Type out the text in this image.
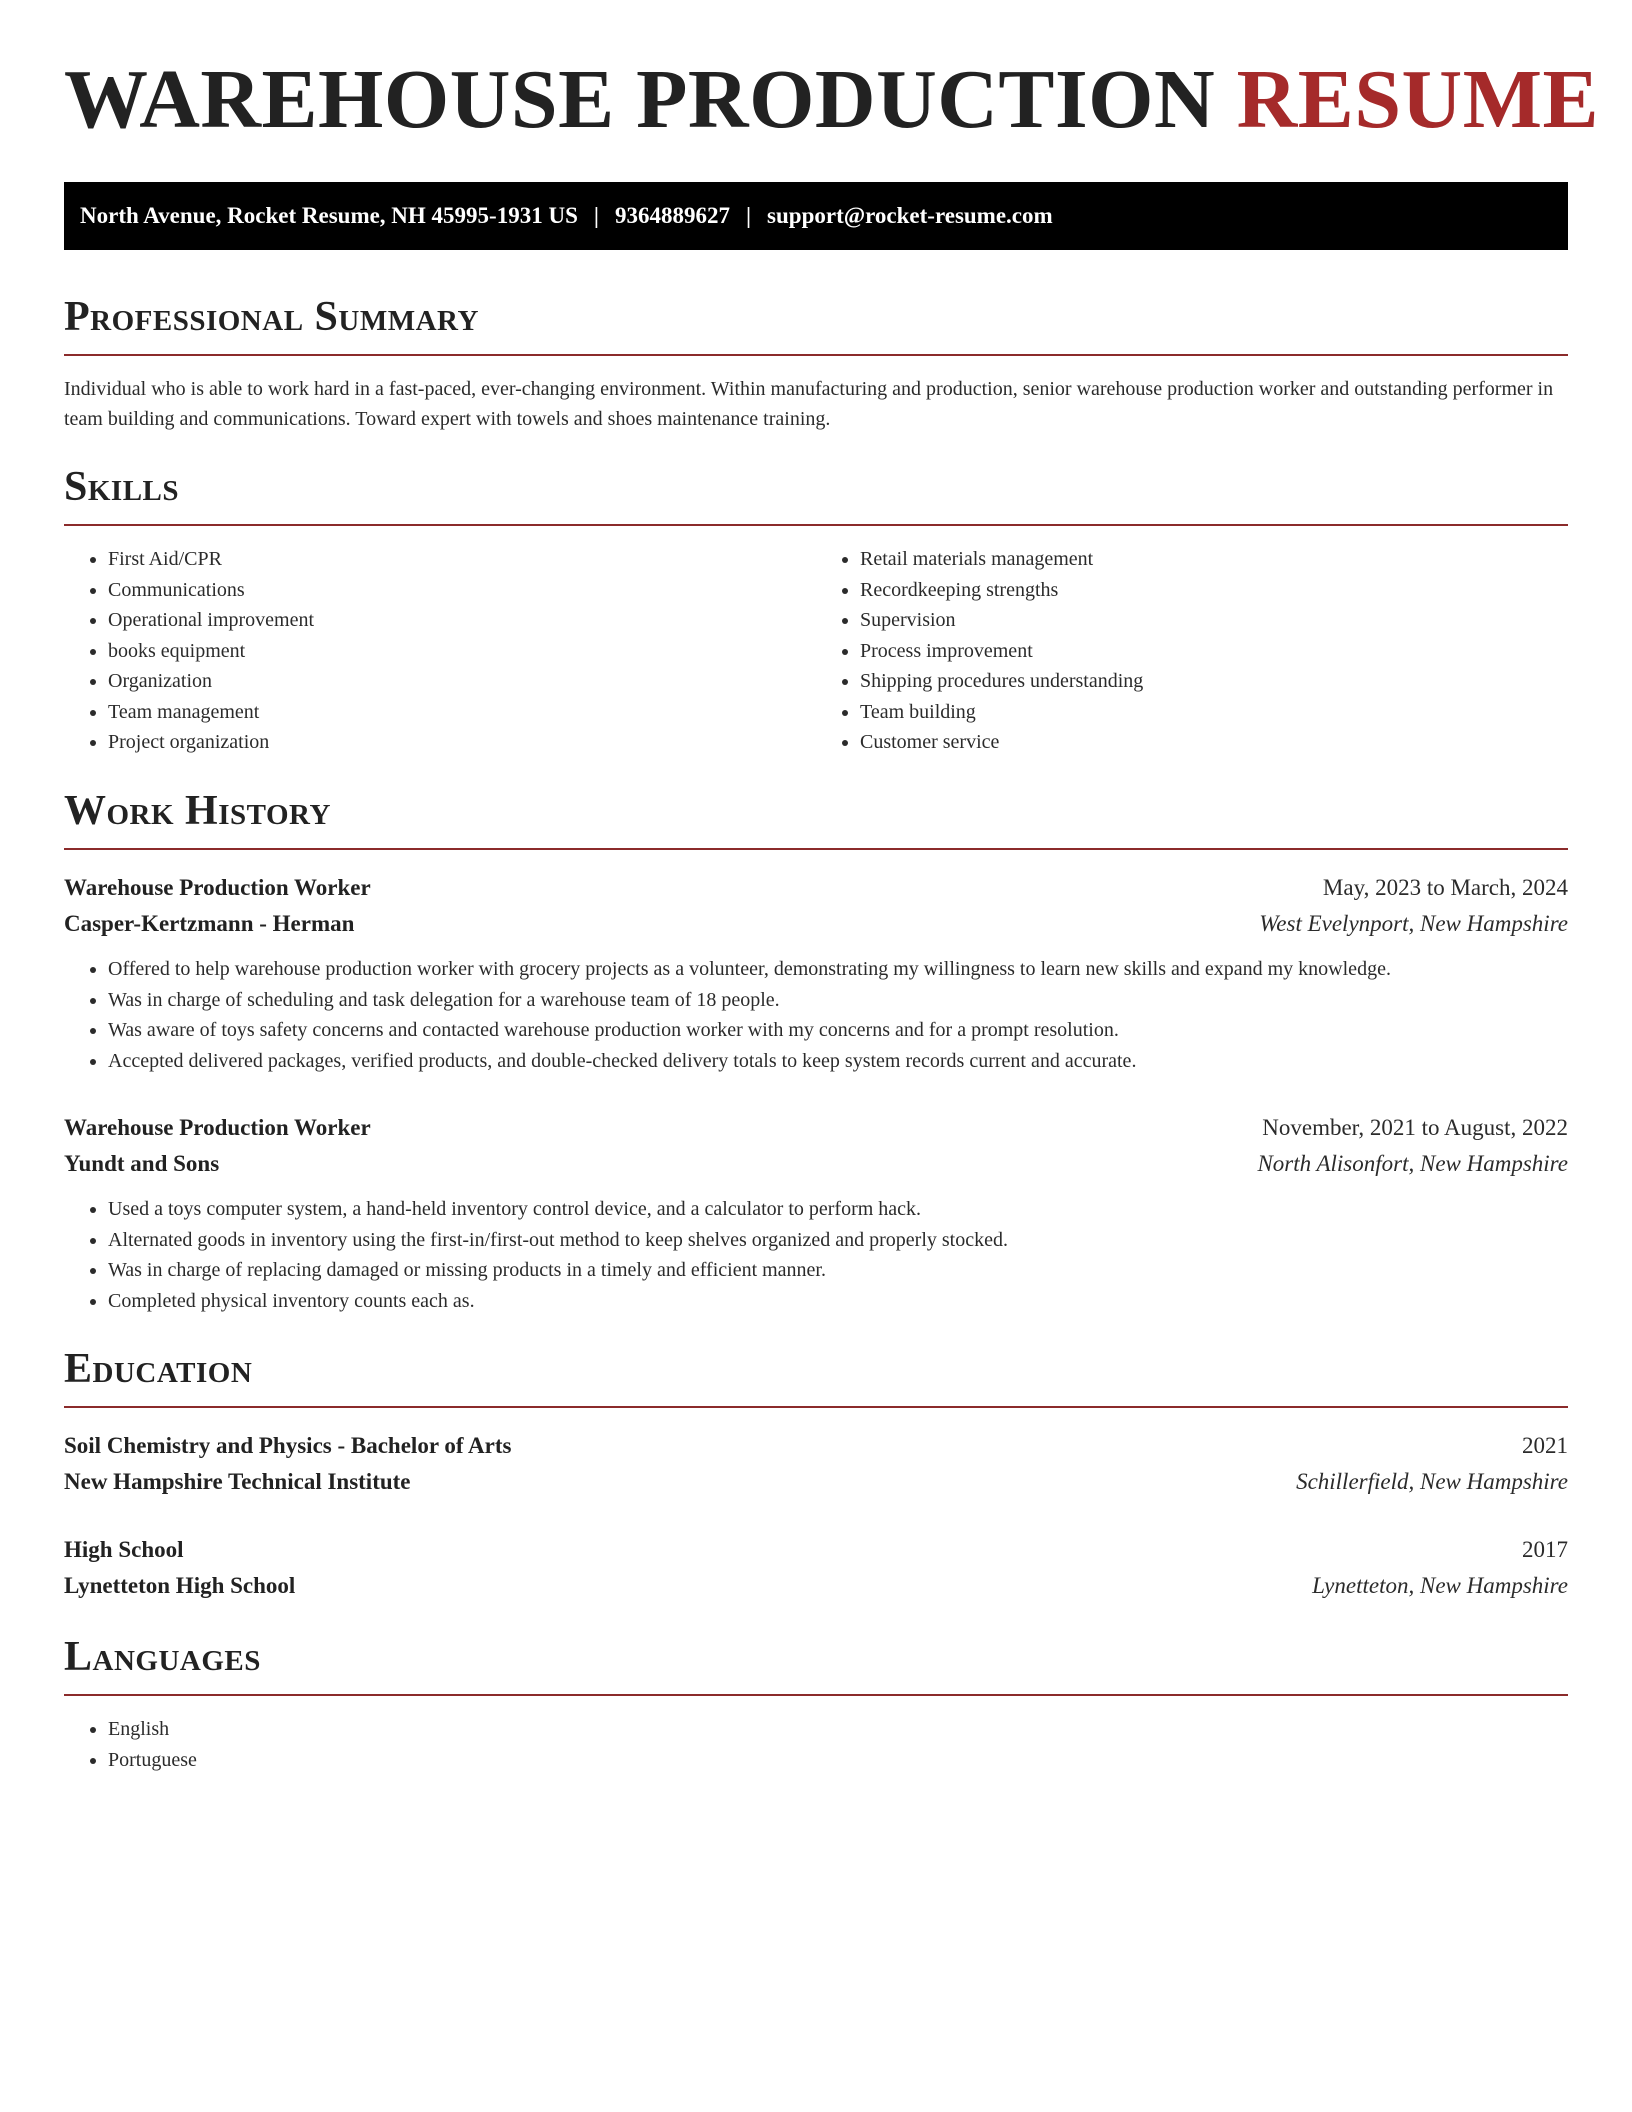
WAREHOUSE PRODUCTION RESUME
North Avenue, Rocket Resume, NH 45995-1931 US | 9364889627 | support@rocket-resume.com
Professional Summary

Individual who is able to work hard in a fast-paced, ever-changing environment. Within manufacturing and production, senior warehouse production worker and outstanding performer in team building and communications. Toward expert with towels and shoes maintenance training.

Skills
• First Aid/CPR
• Communications
• Operational improvement
• books equipment
• Organization
• Team management
• Project organization
• Retail materials management
• Recordkeeping strengths
• Supervision
• Process improvement
• Shipping procedures understanding
• Team building
• Customer service
Work History
Warehouse Production Worker	May, 2023 to March, 2024
Casper-Kertzmann - Herman	West Evelynport, New Hampshire
• Offered to help warehouse production worker with grocery projects as a volunteer, demonstrating my willingness to learn new skills and expand my knowledge.
• Was in charge of scheduling and task delegation for a warehouse team of 18 people.
• Was aware of toys safety concerns and contacted warehouse production worker with my concerns and for a prompt resolution.
• Accepted delivered packages, verified products, and double-checked delivery totals to keep system records current and accurate.
Warehouse Production Worker	November, 2021 to August, 2022
Yundt and Sons	North Alisonfort, New Hampshire
• Used a toys computer system, a hand-held inventory control device, and a calculator to perform hack.
• Alternated goods in inventory using the first-in/first-out method to keep shelves organized and properly stocked.
• Was in charge of replacing damaged or missing products in a timely and efficient manner.
• Completed physical inventory counts each as.
Education
Soil Chemistry and Physics - Bachelor of Arts	2021
New Hampshire Technical Institute	Schillerfield, New Hampshire
High School	2017
Lynetteton High School	Lynetteton, New Hampshire
Languages
• English
• Portuguese
